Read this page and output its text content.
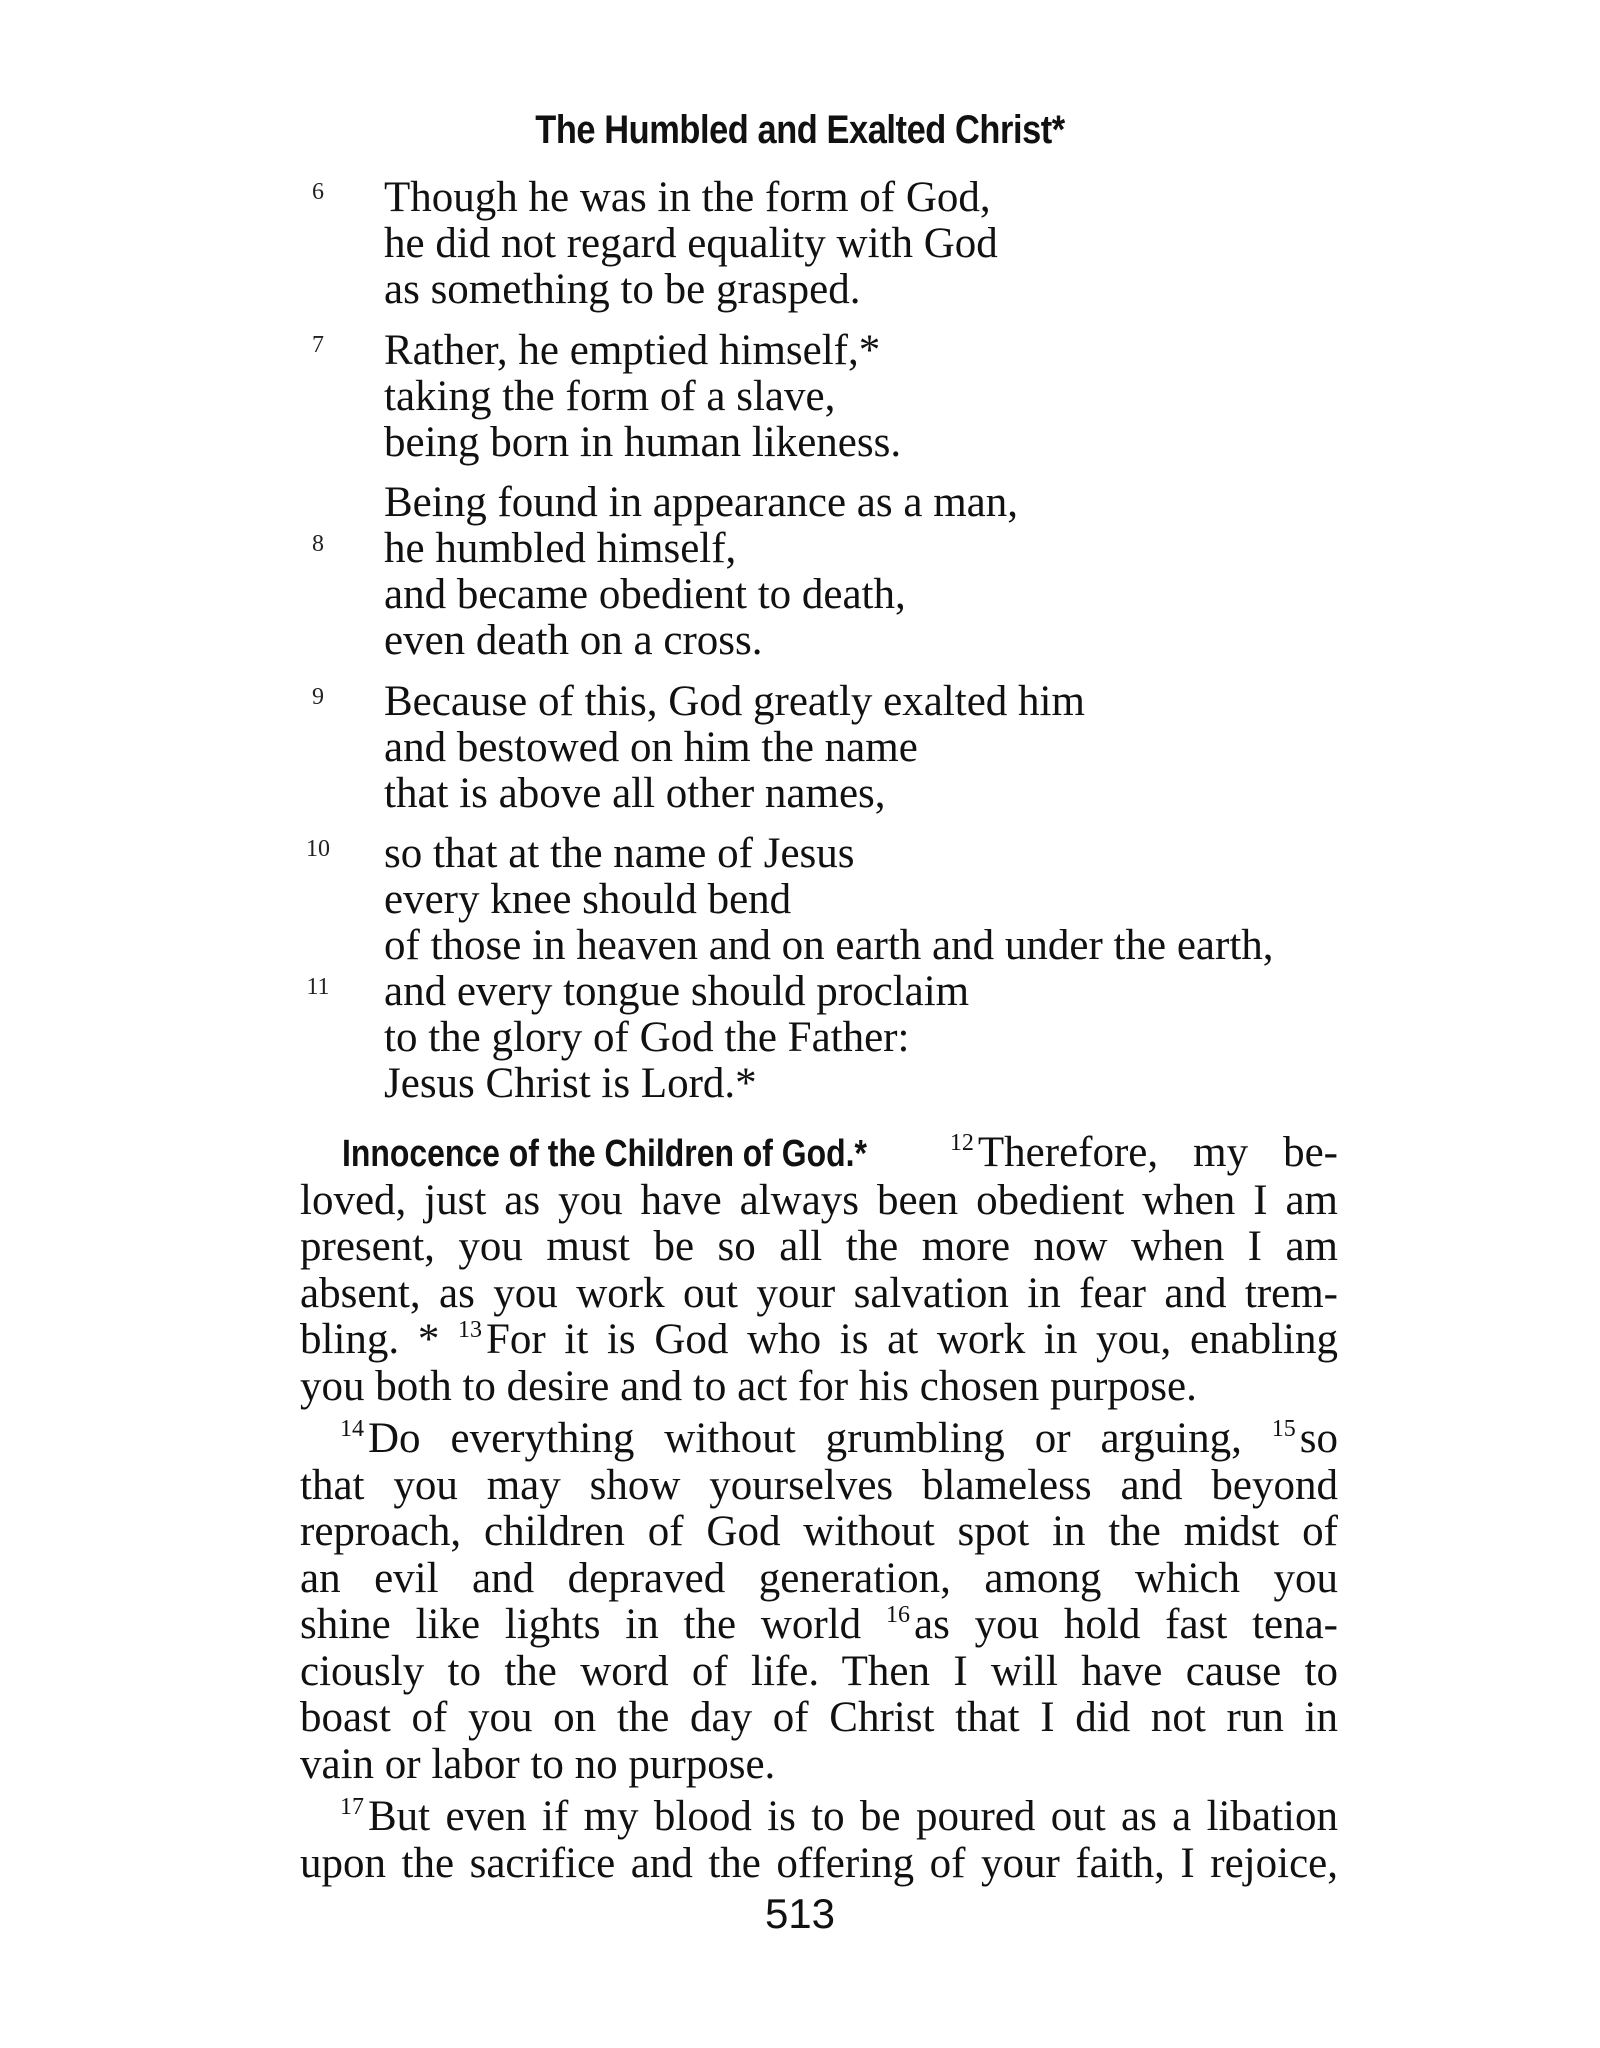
The Humbled and Exalted Christ*
6	Though he was in the form of God,
he did not regard equality with God
as something to be grasped.
7	Rather, he emptied himself,*
taking the form of a slave,
being born in human likeness.
Being found in appearance as a man,
8	he humbled himself,
and became obedient to death,
even death on a cross.
9	Because of this, God greatly exalted him
and bestowed on him the name
that is above all other names,
10 so that at the name of Jesus
every knee should bend
of those in heaven and on earth and under the earth,
11 and every tongue should proclaim
to the glory of God the Father:
Jesus Christ is Lord.*
Innocence of the Children of God.*	$^{12}$Therefore, my be-
loved, just as you have always been obedient when I am
present, you must be so all the more now when I am
absent, as you work out your salvation in fear and trem-
bling. * $^{13}$For it is God who is at work in you, enabling
you both to desire and to act for his chosen purpose.
$^{14}$Do everything without grumbling or arguing, $^{15}$so
that you may show yourselves blameless and beyond
reproach, children of God without spot in the midst of
an evil and depraved generation, among which you
shine like lights in the world $^{16}$as you hold fast tena-
ciously to the word of life. Then I will have cause to
boast of you on the day of Christ that I did not run in
vain or labor to no purpose.
$^{17}$But even if my blood is to be poured out as a libation
upon the sacrifice and the offering of your faith, I rejoice,
513
